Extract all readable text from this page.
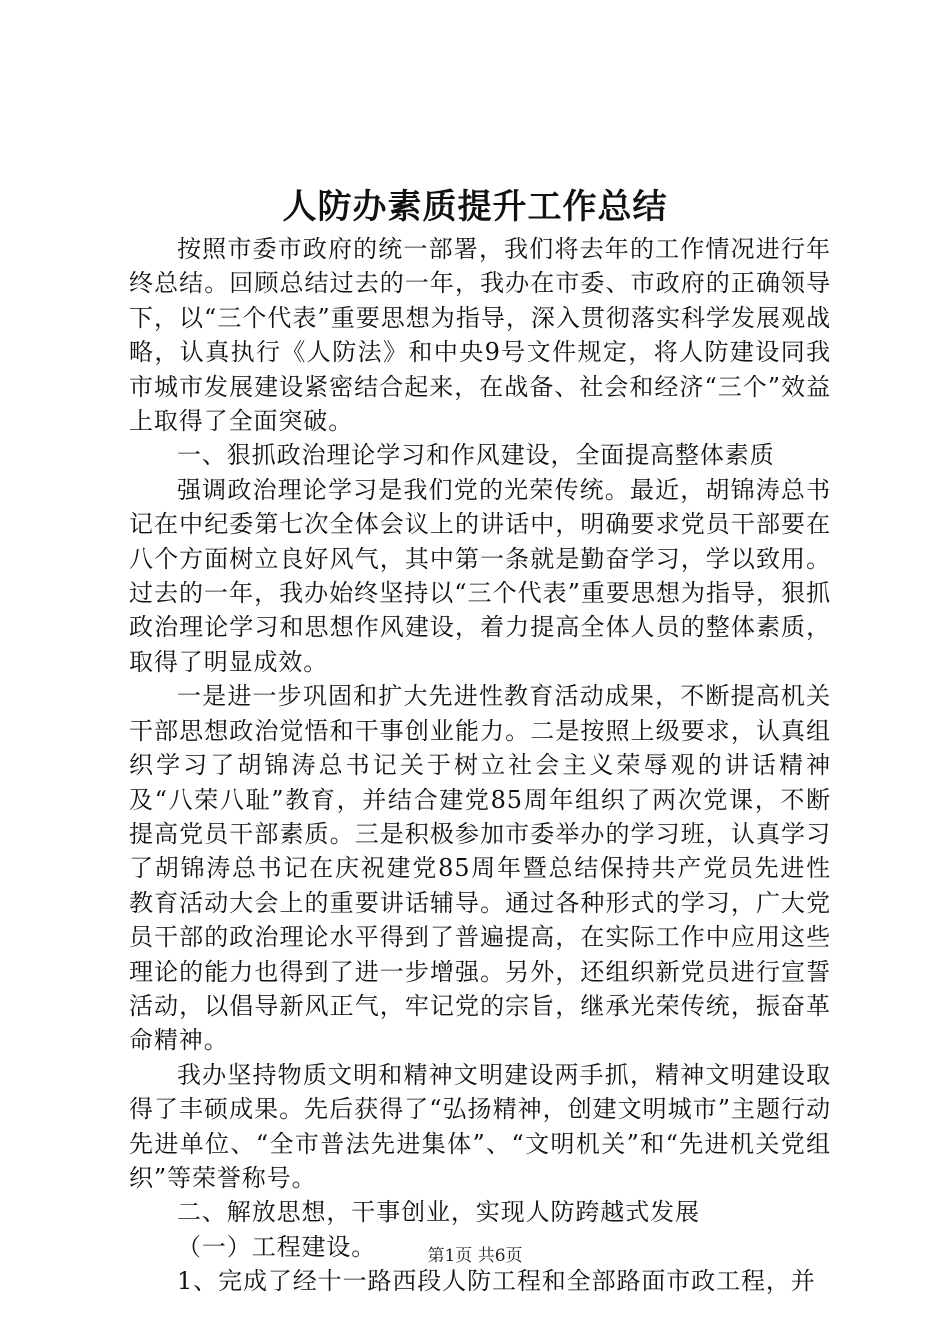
人防办素质提升工作总结

按照市委市政府的统一部署，我们将去年的工作情况进行年终总结。回顾总结过去的一年，我办在市委、市政府的正确领导下，以“三个代表”重要思想为指导，深入贯彻落实科学发展观战略，认真执行《人防法》和中央9号文件规定，将人防建设同我市城市发展建设紧密结合起来，在战备、社会和经济“三个”效益上取得了全面突破。

一、狠抓政治理论学习和作风建设，全面提高整体素质

强调政治理论学习是我们党的光荣传统。最近，胡锦涛总书记在中纪委第七次全体会议上的讲话中，明确要求党员干部要在八个方面树立良好风气，其中第一条就是勤奋学习，学以致用。过去的一年，我办始终坚持以“三个代表”重要思想为指导，狠抓政治理论学习和思想作风建设，着力提高全体人员的整体素质，取得了明显成效。

一是进一步巩固和扩大先进性教育活动成果，不断提高机关干部思想政治觉悟和干事创业能力。二是按照上级要求，认真组织学习了胡锦涛总书记关于树立社会主义荣辱观的讲话精神及“八荣八耻”教育，并结合建党85周年组织了两次党课，不断提高党员干部素质。三是积极参加市委举办的学习班，认真学习了胡锦涛总书记在庆祝建党85周年暨总结保持共产党员先进性教育活动大会上的重要讲话辅导。通过各种形式的学习，广大党员干部的政治理论水平得到了普遍提高，在实际工作中应用这些理论的能力也得到了进一步增强。另外，还组织新党员进行宣誓活动，以倡导新风正气，牢记党的宗旨，继承光荣传统，振奋革命精神。

我办坚持物质文明和精神文明建设两手抓，精神文明建设取得了丰硕成果。先后获得了“弘扬精神，创建文明城市”主题行动先进单位、“全市普法先进集体”、“文明机关”和“先进机关党组织”等荣誉称号。

二、解放思想，干事创业，实现人防跨越式发展

（一）工程建设。

1、完成了经十一路西段人防工程和全部路面市政工程，并

第1页 共6页
